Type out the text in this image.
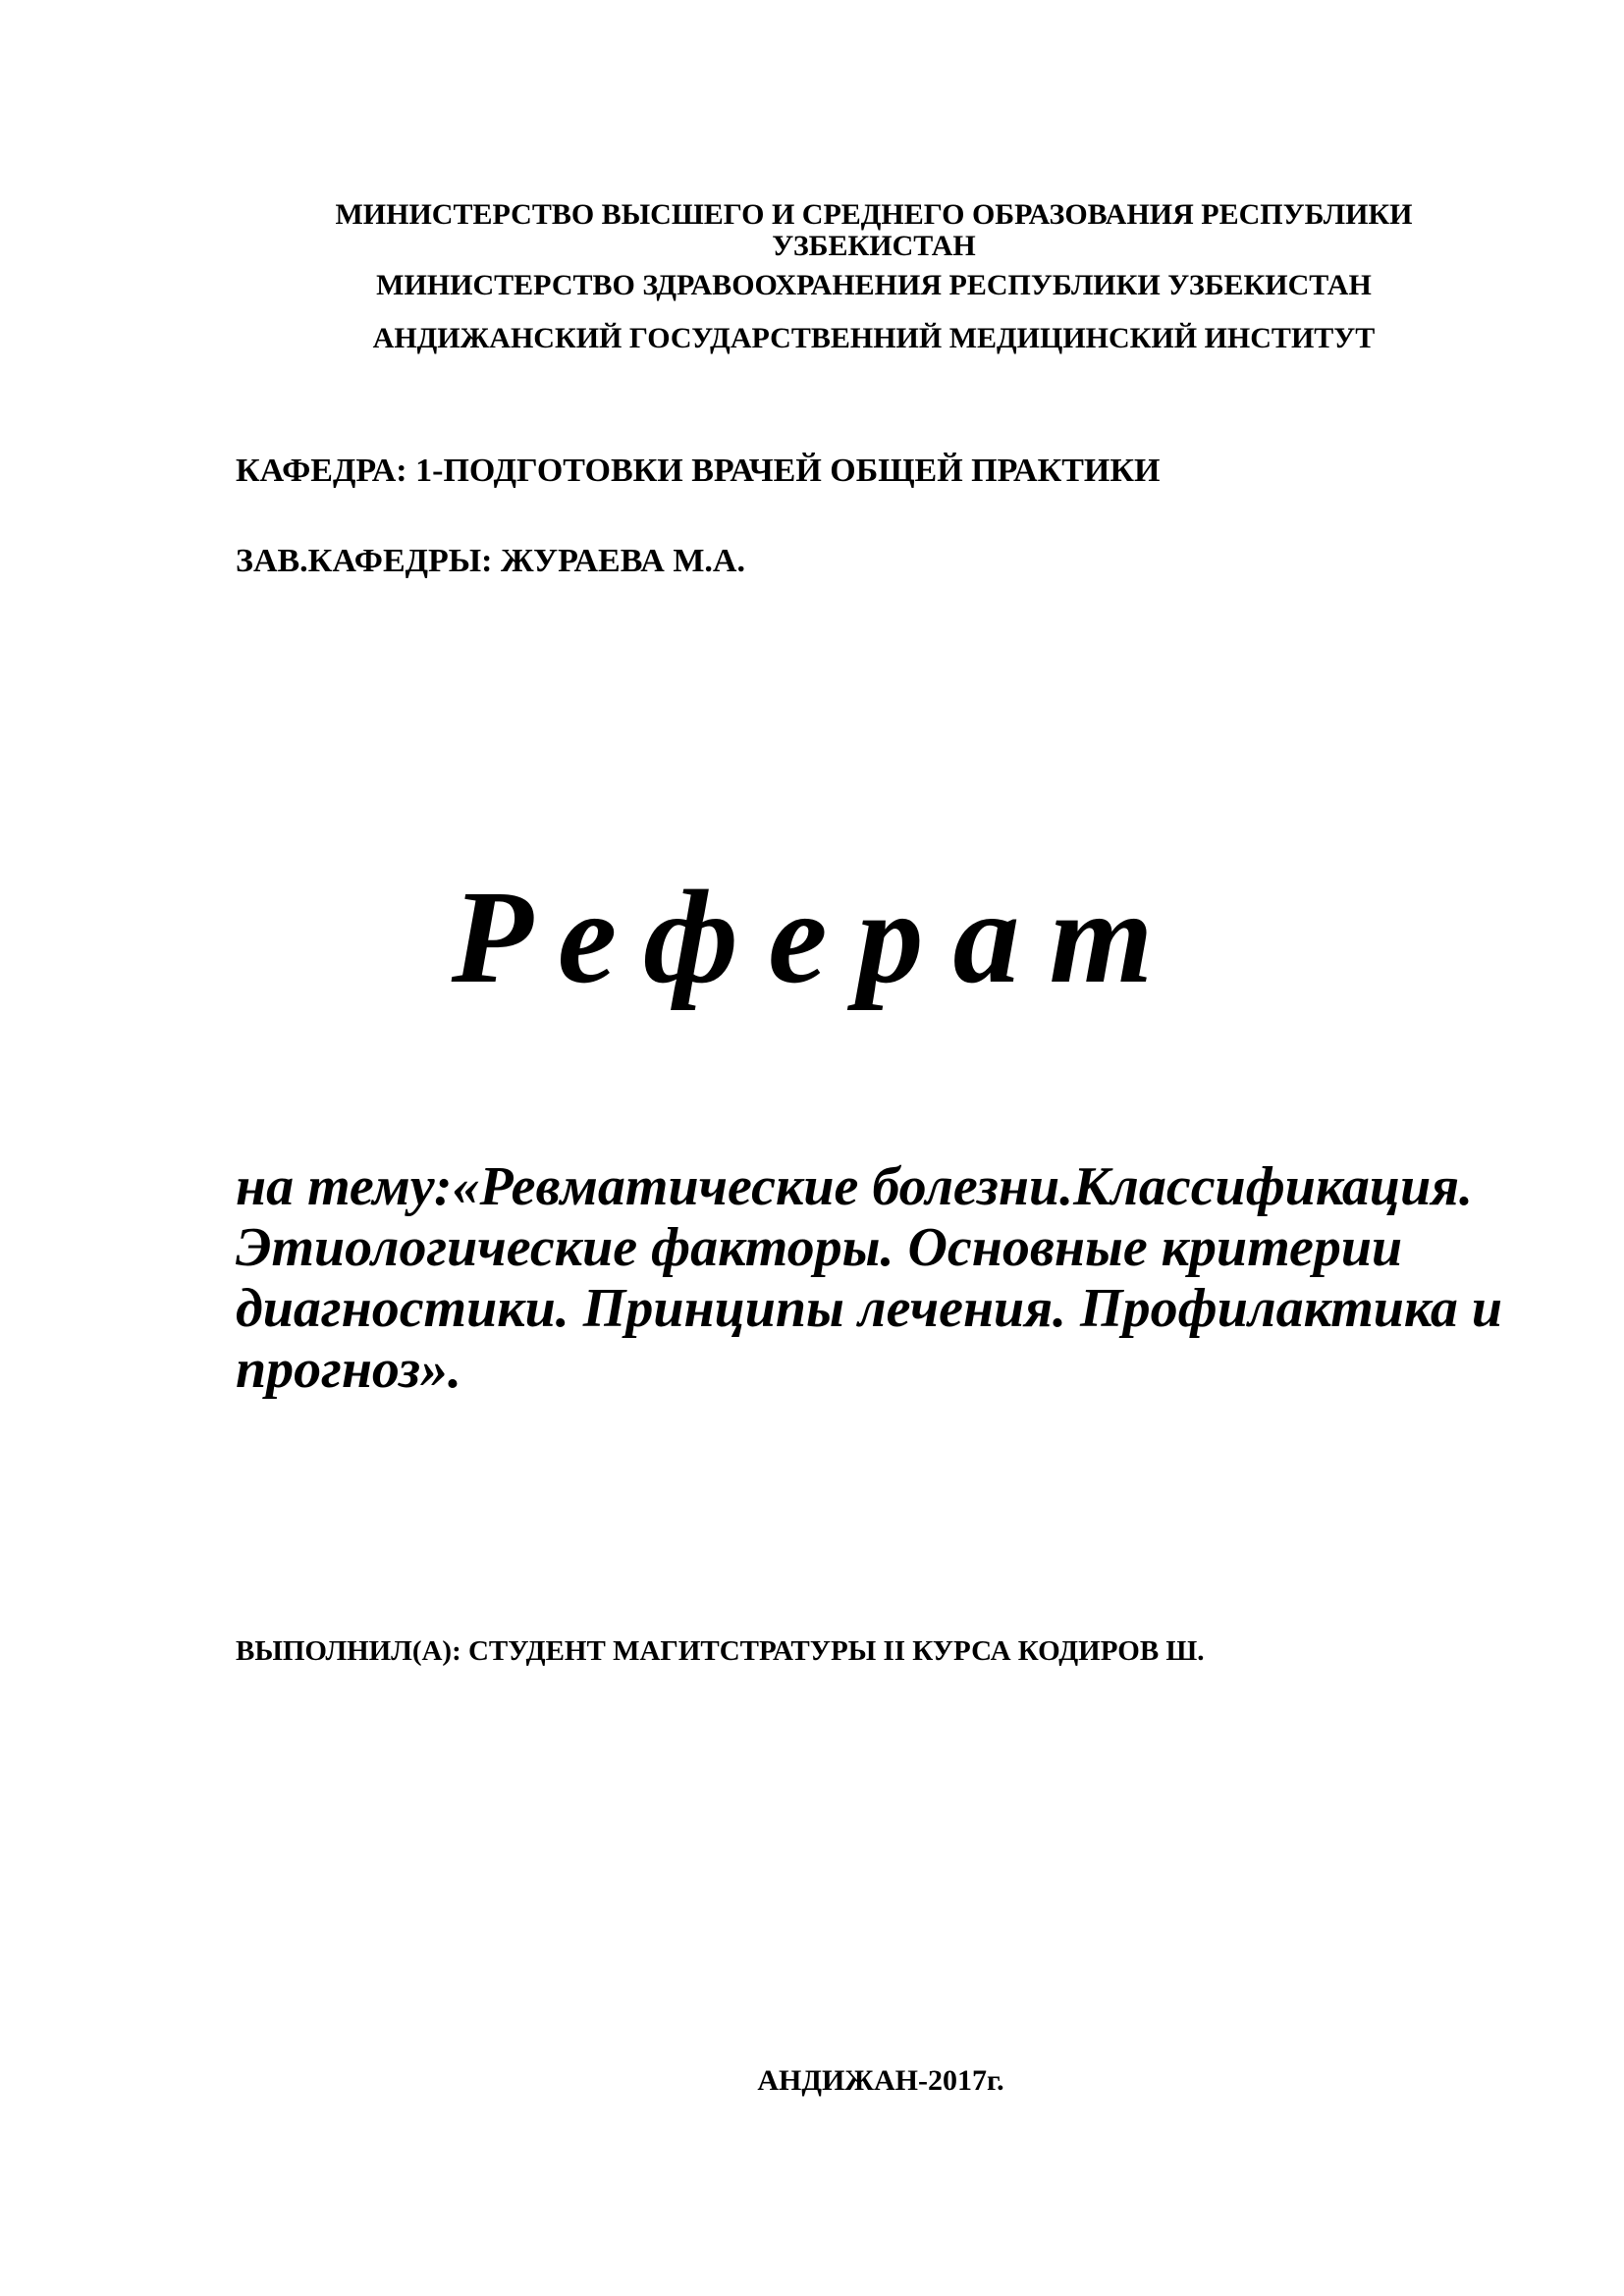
МИНИСТЕРСТВО ВЫСШЕГО И СРЕДНЕГО ОБРАЗОВАНИЯ РЕСПУБЛИКИ
УЗБЕКИСТАН
МИНИСТЕРСТВО ЗДРАВООХРАНЕНИЯ РЕСПУБЛИКИ УЗБЕКИСТАН
АНДИЖАНСКИЙ ГОСУДАРСТВЕННИЙ МЕДИЦИНСКИЙ ИНСТИТУТ
КАФЕДРА: 1-ПОДГОТОВКИ ВРАЧЕЙ ОБЩЕЙ ПРАКТИКИ
ЗАВ.КАФЕДРЫ: ЖУРАЕВА М.А.
Реферат
на тему:«Ревматические болезни.Классификация. Этиологические факторы. Основные критерии диагностики. Принципы лечения. Профилактика и прогноз».
ВЫПОЛНИЛ(А): СТУДЕНТ МАГИТСТРАТУРЫ II КУРСА КОДИРОВ Ш.
АНДИЖАН-2017г.
